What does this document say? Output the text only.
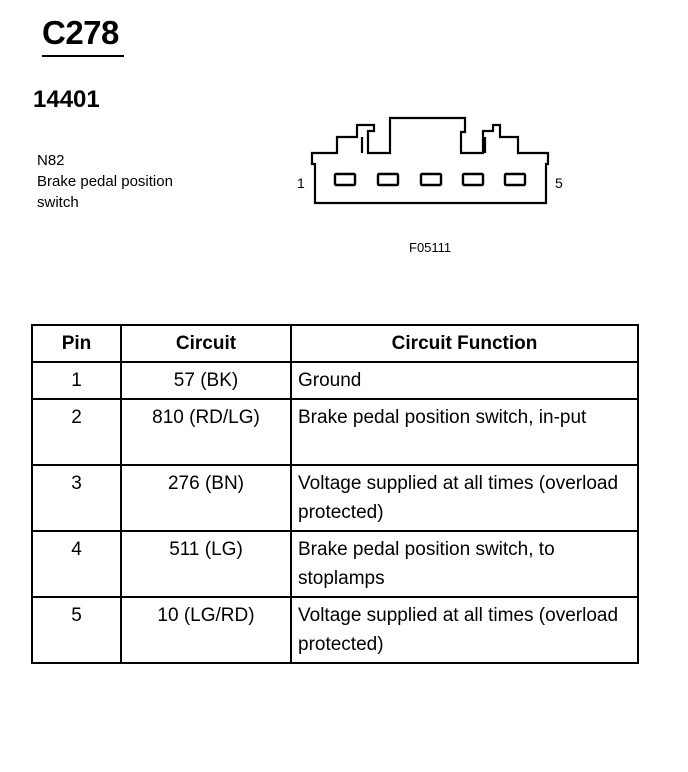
C278
14401
N82
Brake pedal position
switch
1	5
F05111
Pin	Circuit	Circuit Function
1	57 (BK)	Ground
2	810 (RD/LG)	Brake pedal position switch, in-put
3	276 (BN)	Voltage supplied at all times (overload protected)
4	511 (LG)	Brake pedal position switch, to stoplamps
5	10 (LG/RD)	Voltage supplied at all times (overload protected)
